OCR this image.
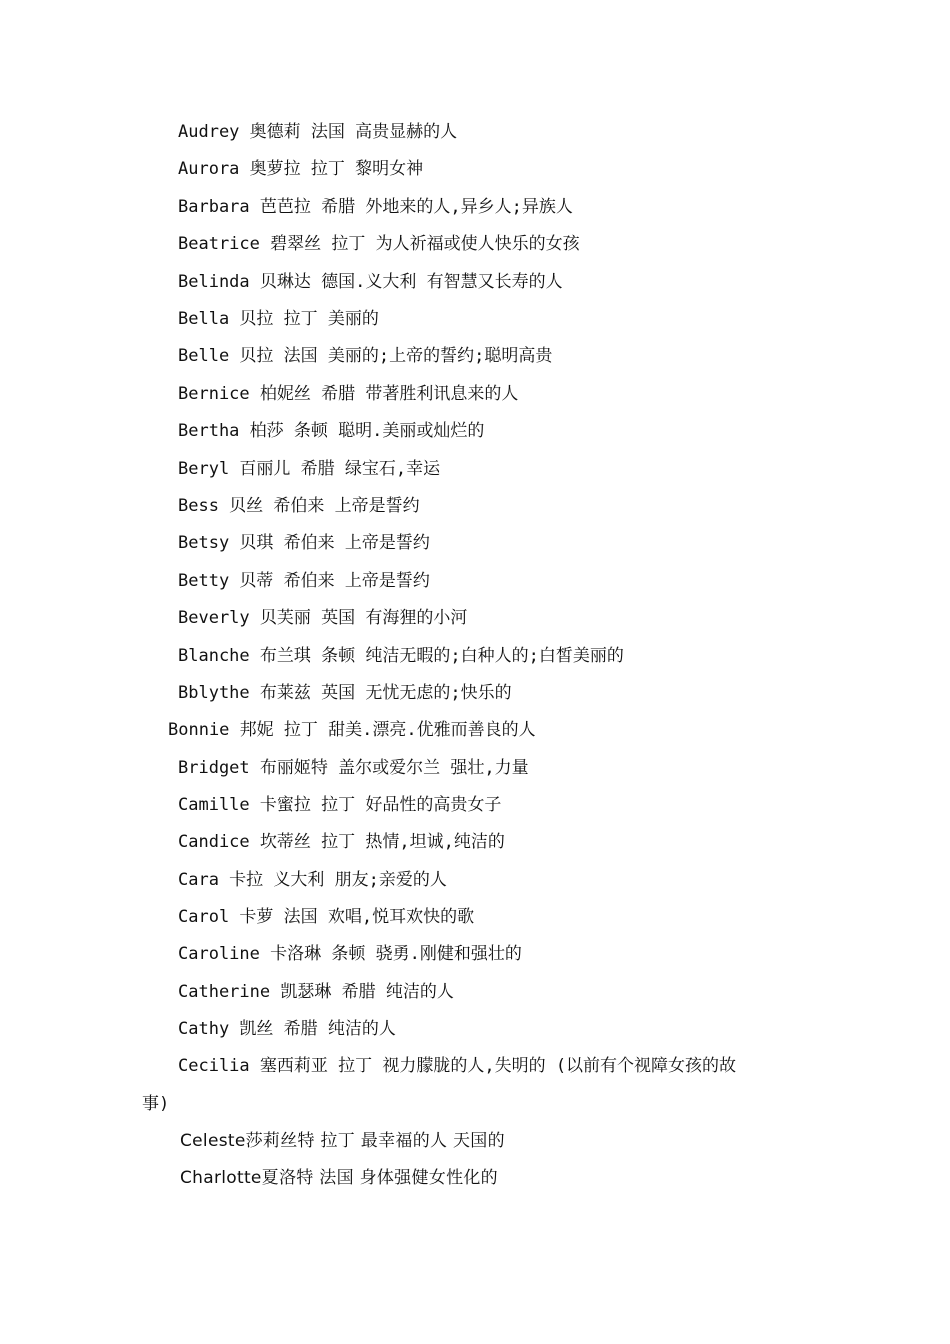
Audrey 奥德莉 法国 高贵显赫的人
Aurora 奥萝拉 拉丁 黎明女神
Barbara 芭芭拉 希腊 外地来的人,异乡人;异族人
Beatrice 碧翠丝 拉丁 为人祈福或使人快乐的女孩
Belinda 贝琳达 德国.义大利 有智慧又长寿的人
Bella 贝拉 拉丁 美丽的
Belle 贝拉 法国 美丽的;上帝的誓约;聪明高贵
Bernice 柏妮丝 希腊 带著胜利讯息来的人
Bertha 柏莎 条顿 聪明.美丽或灿烂的
Beryl 百丽儿 希腊 绿宝石,幸运
Bess 贝丝 希伯来 上帝是誓约
Betsy 贝琪 希伯来 上帝是誓约
Betty 贝蒂 希伯来 上帝是誓约
Beverly 贝芙丽 英国 有海狸的小河
Blanche 布兰琪 条顿 纯洁无暇的;白种人的;白皙美丽的
Bblythe 布莱兹 英国 无忧无虑的;快乐的
Bonnie 邦妮 拉丁 甜美.漂亮.优雅而善良的人
Bridget 布丽姬特 盖尔或爱尔兰 强壮,力量
Camille 卡蜜拉 拉丁 好品性的高贵女子
Candice 坎蒂丝 拉丁 热情,坦诚,纯洁的
Cara 卡拉 义大利 朋友;亲爱的人
Carol 卡萝 法国 欢唱,悦耳欢快的歌
Caroline 卡洛琳 条顿 骁勇.刚健和强壮的
Catherine 凯瑟琳 希腊 纯洁的人
Cathy 凯丝 希腊 纯洁的人
Cecilia 塞西莉亚 拉丁 视力朦胧的人,失明的 (以前有个视障女孩的故
事)
Celeste莎莉丝特 拉丁 最幸福的人 天国的
Charlotte夏洛特 法国 身体强健女性化的
